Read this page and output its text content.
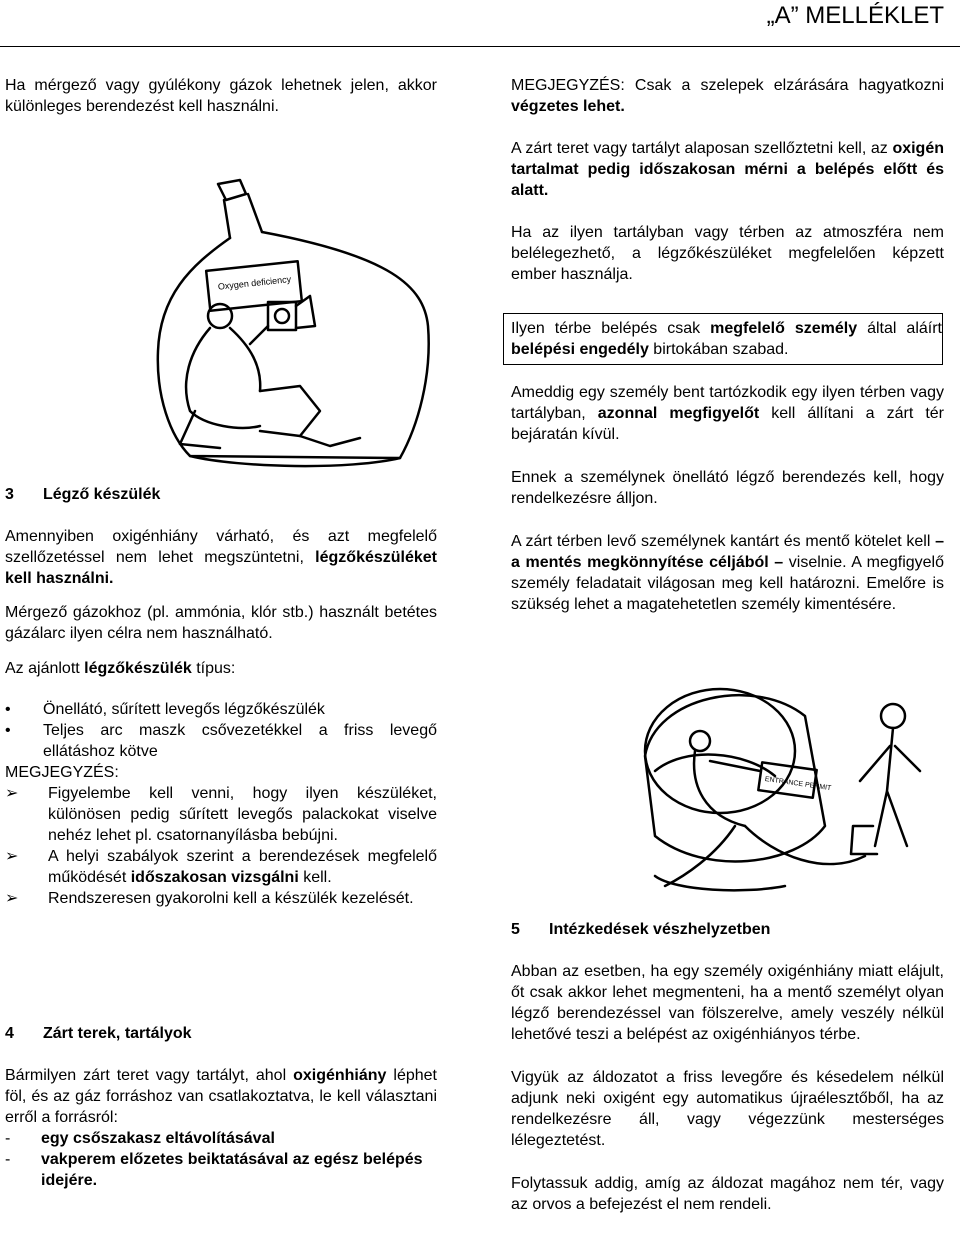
„A” MELLÉKLET

Ha mérgező vagy gyúlékony gázok lehetnek jelen, akkor különleges berendezést kell használni.

Oxygen deficiency
3 Légző készülék

Amennyiben oxigénhiány várható, és azt megfelelő szellőzetéssel nem lehet megszüntetni, légzőkészüléket kell használni.

Mérgező gázokhoz (pl. ammónia, klór stb.) használt betétes gázálarc ilyen célra nem használható.

Az ajánlott légzőkészülék típus:

• Önellátó, sűrített levegős légzőkészülék
• Teljes arc maszk csővezetékkel a friss levegő ellátáshoz kötve
MEGJEGYZÉS:
➢ Figyelembe kell venni, hogy ilyen készüléket, különösen pedig sűrített levegős palackokat viselve nehéz lehet pl. csatornanyílásba bebújni.
➢ A helyi szabályok szerint a berendezések megfelelő működését időszakosan vizsgálni kell.
➢ Rendszeresen gyakorolni kell a készülék kezelését.
4 Zárt terek, tartályok

Bármilyen zárt teret vagy tartályt, ahol oxigénhiány léphet föl, és az gáz forráshoz van csatlakoztatva, le kell választani erről a forrásról:

- egy csőszakasz eltávolításával
- vakperem előzetes beiktatásával az egész belépés idejére.

MEGJEGYZÉS: Csak a szelepek elzárására hagyatkozni végzetes lehet.

A zárt teret vagy tartályt alaposan szellőztetni kell, az oxigén tartalmat pedig időszakosan mérni a belépés előtt és alatt.

Ha az ilyen tartályban vagy térben az atmoszféra nem belélegezhető, a légzőkészüléket megfelelően képzett ember használja.

Ilyen térbe belépés csak megfelelő személy által aláírt belépési engedély birtokában szabad.

Ameddig egy személy bent tartózkodik egy ilyen térben vagy tartályban, azonnal megfigyelőt kell állítani a zárt tér bejáratán kívül.

Ennek a személynek önellátó légző berendezés kell, hogy rendelkezésre álljon.

A zárt térben levő személynek kantárt és mentő kötelet kell – a mentés megkönnyítése céljából – viselnie. A megfigyelő személy feladatait világosan meg kell határozni. Emelőre is szükség lehet a magatehetetlen személy kimentésére.

ENTRANCE PERMIT
5 Intézkedések vészhelyzetben

Abban az esetben, ha egy személy oxigénhiány miatt elájult, őt csak akkor lehet megmenteni, ha a mentő személyt olyan légző berendezéssel van fölszerelve, amely veszély nélkül lehetővé teszi a belépést az oxigénhiányos térbe.

Vigyük az áldozatot a friss levegőre és késedelem nélkül adjunk neki oxigént egy automatikus újraélesztőből, ha az rendelkezésre áll, vagy végezzünk mesterséges lélegeztetést.

Folytassuk addig, amíg az áldozat magához nem tér, vagy az orvos a befejezést el nem rendeli.
